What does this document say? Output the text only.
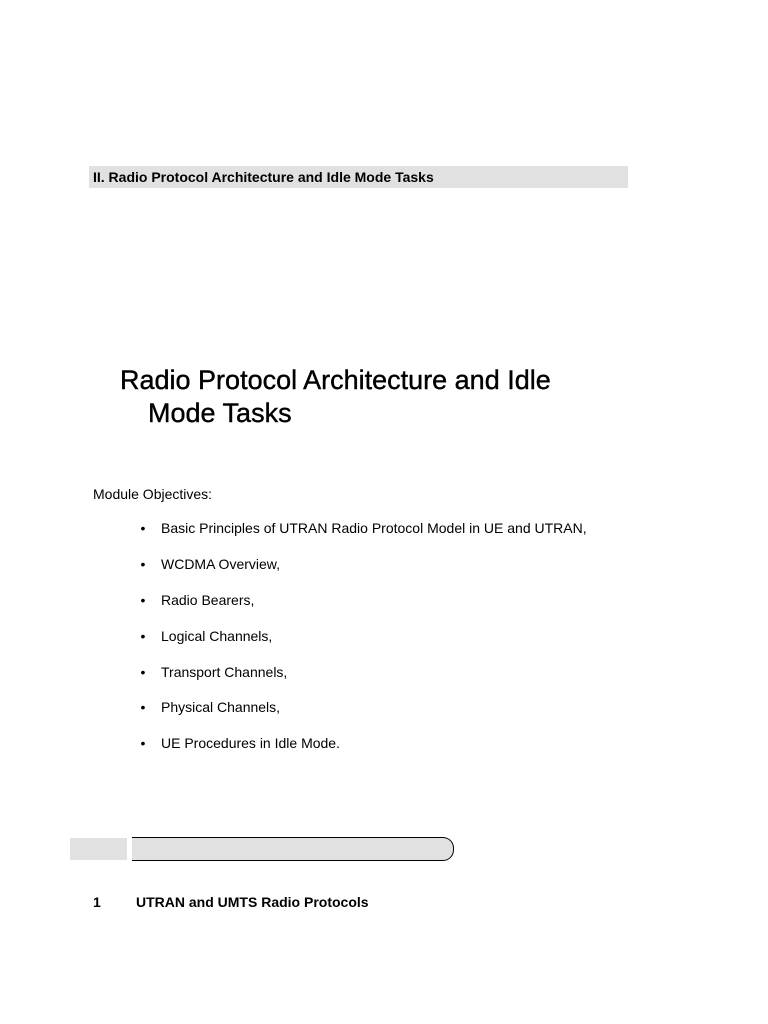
II. Radio Protocol Architecture and Idle Mode Tasks
Radio Protocol Architecture and Idle
Mode Tasks
Module Objectives:
•	Basic Principles of UTRAN Radio Protocol Model in UE and UTRAN,
•	WCDMA Overview,
•	Radio Bearers,
•	Logical Channels,
•	Transport Channels,
•	Physical Channels,
•	UE Procedures in Idle Mode.
1	UTRAN and UMTS Radio Protocols
